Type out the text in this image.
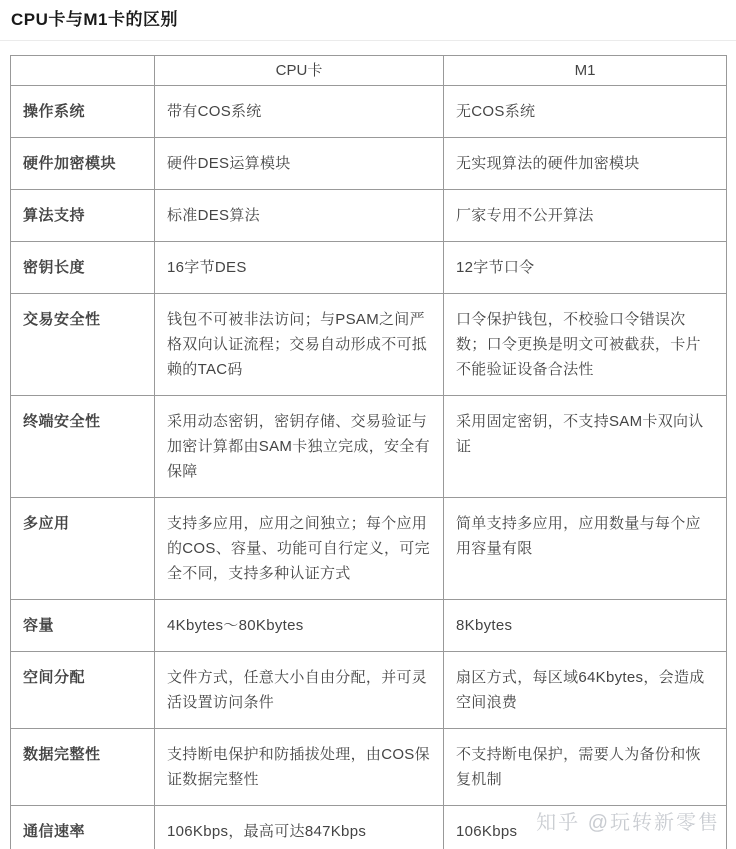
CPU卡与M1卡的区别
	CPU卡	M1
操作系统	带有COS系统	无COS系统
硬件加密模块	硬件DES运算模块	无实现算法的硬件加密模块
算法支持	标准DES算法	厂家专用不公开算法
密钥长度	16字节DES	12字节口令
交易安全性	钱包不可被非法访问；与PSAM之间严格双向认证流程；交易自动形成不可抵赖的TAC码	口令保护钱包，不校验口令错误次数；口令更换是明文可被截获，卡片不能验证设备合法性
终端安全性	采用动态密钥，密钥存储、交易验证与加密计算都由SAM卡独立完成，安全有保障	采用固定密钥，不支持SAM卡双向认证
多应用	支持多应用，应用之间独立；每个应用的COS、容量、功能可自行定义，可完全不同，支持多种认证方式	简单支持多应用，应用数量与每个应用容量有限
容量	4Kbytes～80Kbytes	8Kbytes
空间分配	文件方式，任意大小自由分配，并可灵活设置访问条件	扇区方式，每区域64Kbytes，会造成空间浪费
数据完整性	支持断电保护和防插拔处理，由COS保证数据完整性	不支持断电保护，需要人为备份和恢复机制
通信速率	106Kbps，最高可达847Kbps	106Kbps 知乎 @玩转新零售
